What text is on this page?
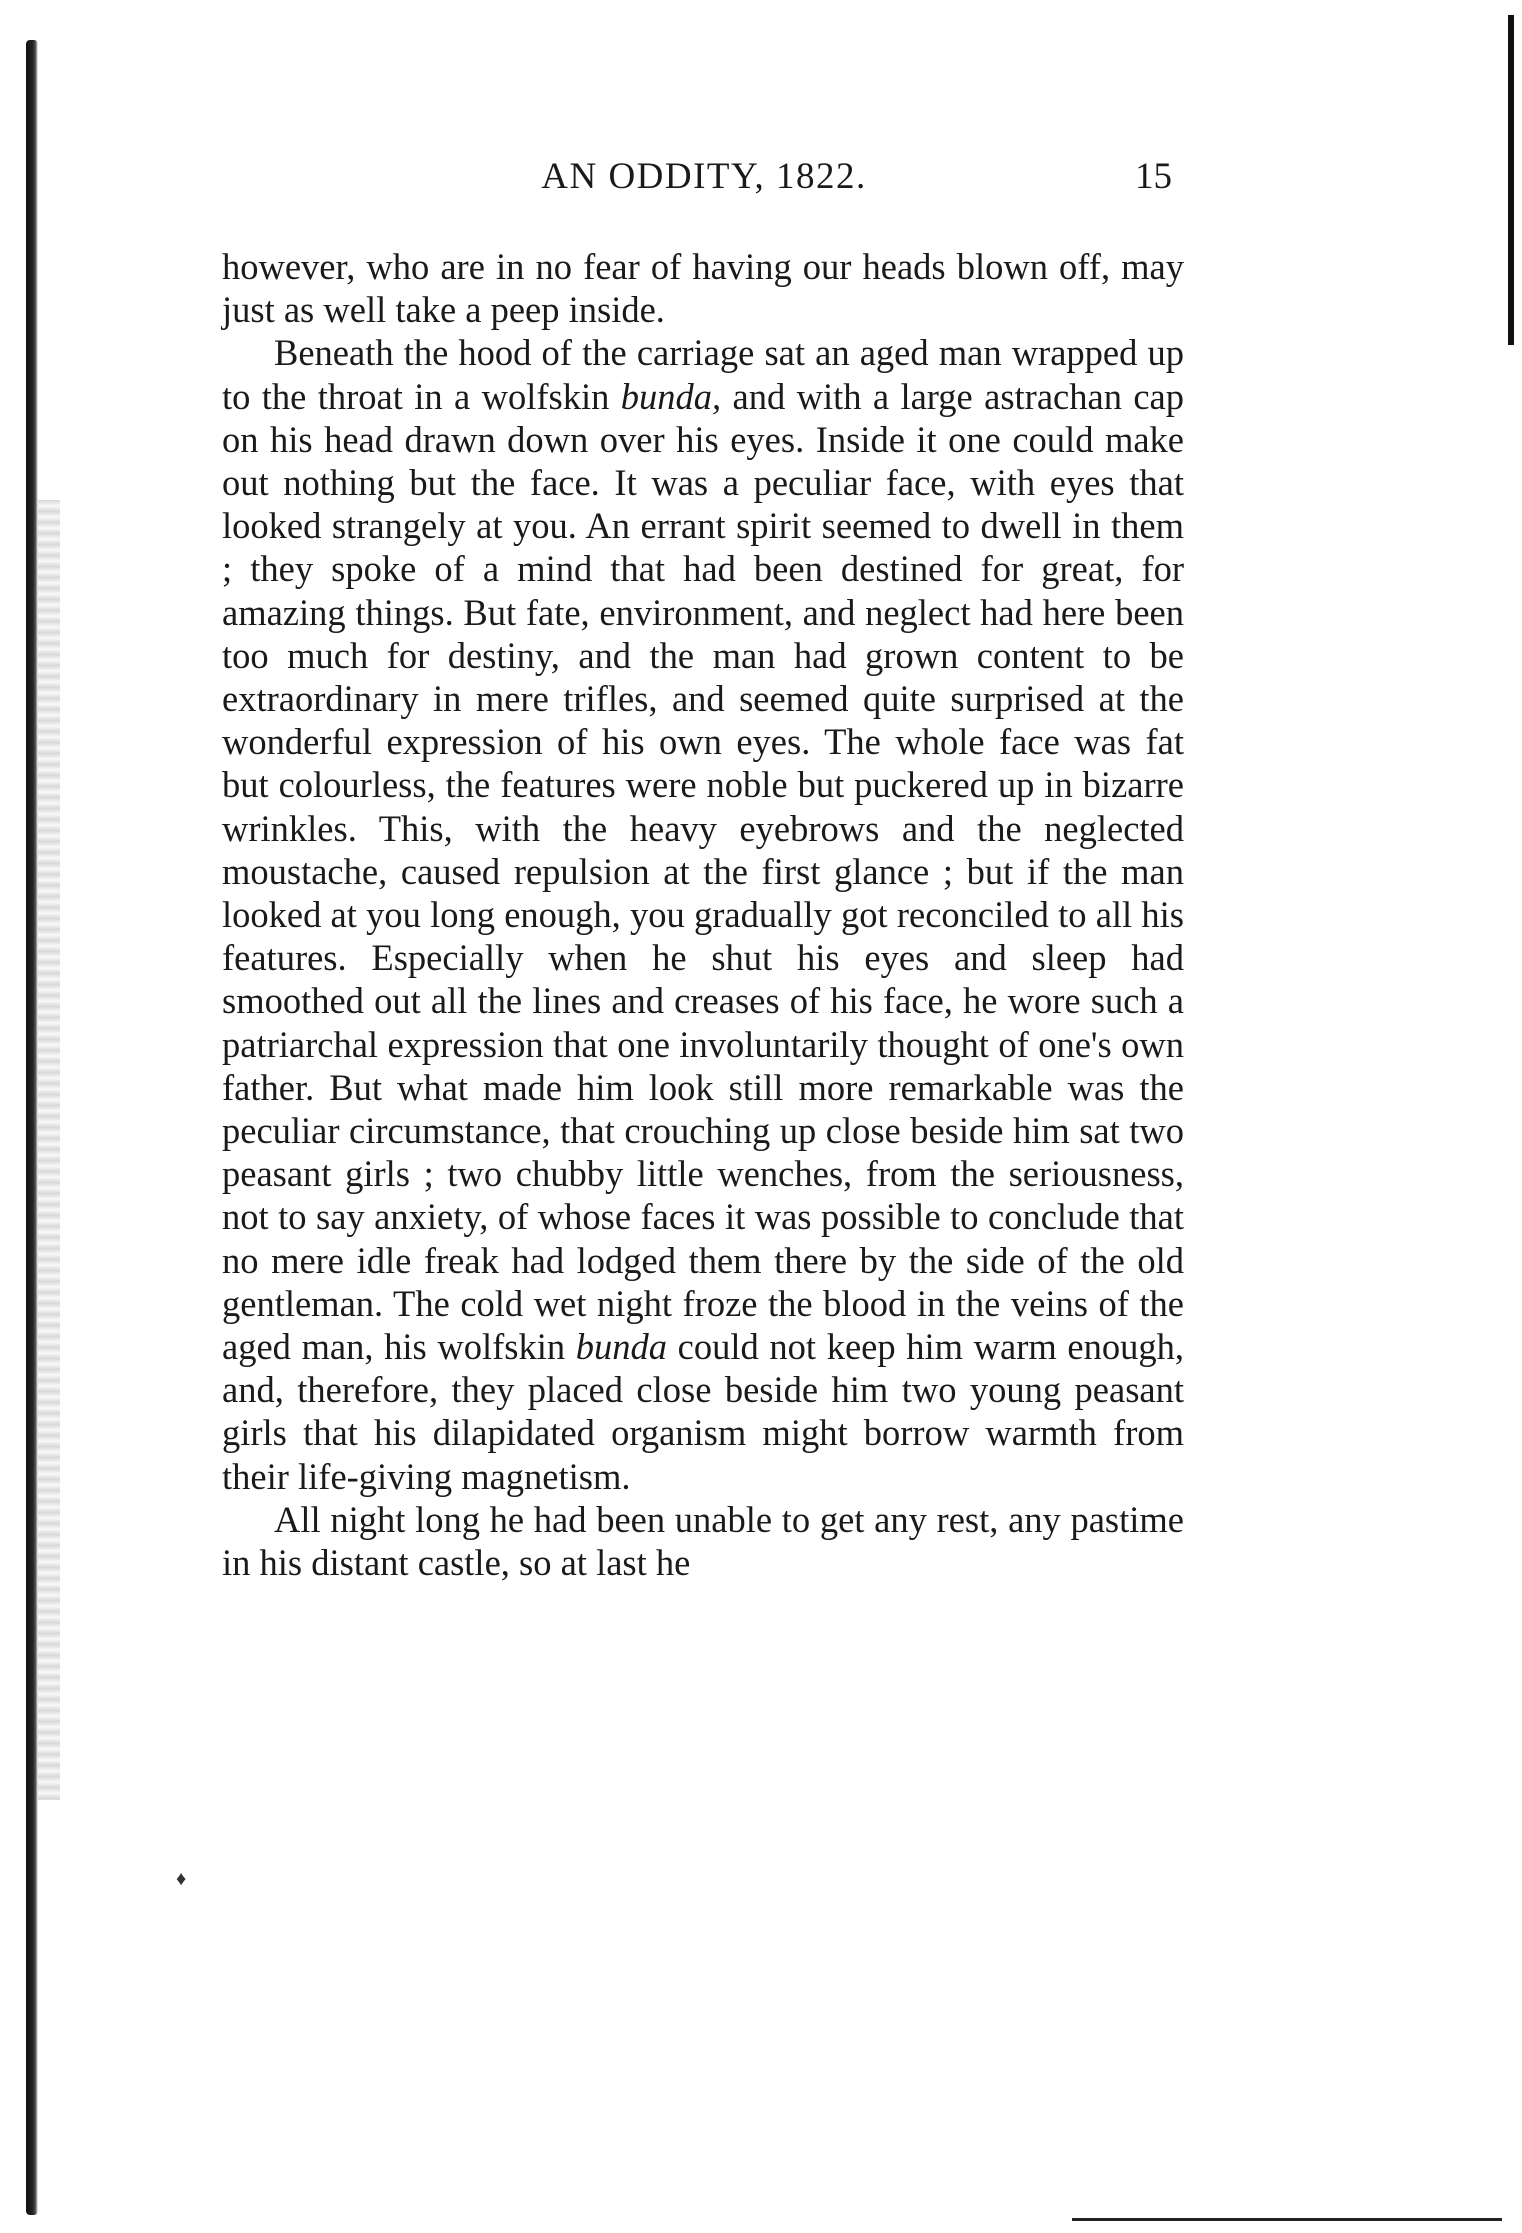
AN ODDITY, 1822.	15

however, who are in no fear of having our heads blown off, may just as well take a peep inside.

Beneath the hood of the carriage sat an aged man wrapped up to the throat in a wolfskin bunda, and with a large astrachan cap on his head drawn down over his eyes. Inside it one could make out nothing but the face. It was a peculiar face, with eyes that looked strangely at you. An errant spirit seemed to dwell in them ; they spoke of a mind that had been destined for great, for amazing things. But fate, environment, and neglect had here been too much for destiny, and the man had grown content to be extraordinary in mere trifles, and seemed quite surprised at the wonderful expression of his own eyes. The whole face was fat but colourless, the features were noble but puckered up in bizarre wrinkles. This, with the heavy eyebrows and the neglected moustache, caused repulsion at the first glance ; but if the man looked at you long enough, you gradually got reconciled to all his features. Especially when he shut his eyes and sleep had smoothed out all the lines and creases of his face, he wore such a patriarchal expression that one involuntarily thought of one's own father. But what made him look still more remarkable was the peculiar circumstance, that crouching up close beside him sat two peasant girls ; two chubby little wenches, from the seriousness, not to say anxiety, of whose faces it was possible to conclude that no mere idle freak had lodged them there by the side of the old gentleman. The cold wet night froze the blood in the veins of the aged man, his wolfskin bunda could not keep him warm enough, and, therefore, they placed close beside him two young peasant girls that his dilapidated organism might borrow warmth from their life-giving magnetism.

All night long he had been unable to get any rest, any pastime in his distant castle, so at last he

♦
